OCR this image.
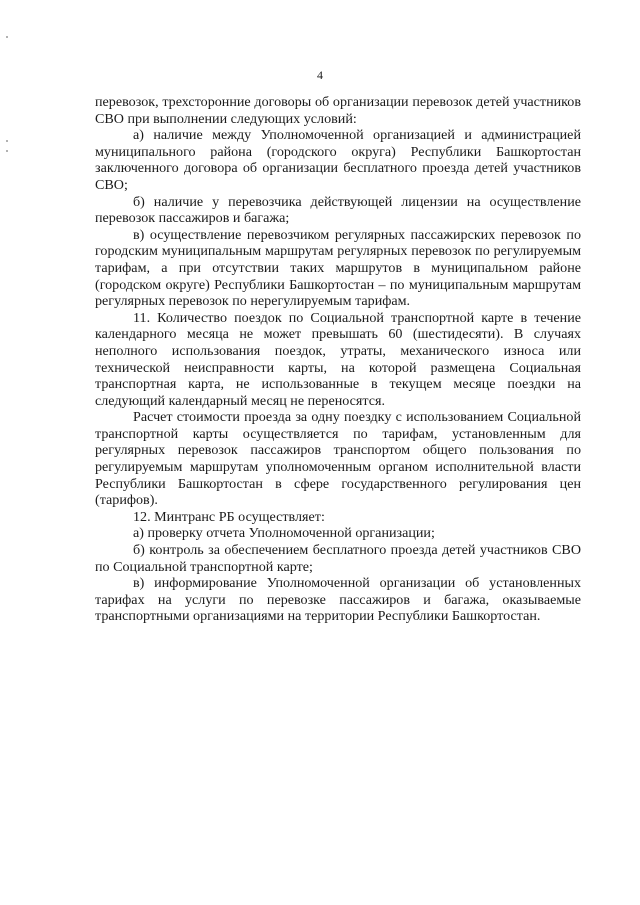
4

перевозок, трехсторонние договоры об организации перевозок детей участников СВО при выполнении следующих условий:

а) наличие между Уполномоченной организацией и администрацией муниципального района (городского округа) Республики Башкортостан заключенного договора об организации бесплатного проезда детей участников СВО;

б) наличие у перевозчика действующей лицензии на осуществление перевозок пассажиров и багажа;

в) осуществление перевозчиком регулярных пассажирских перевозок по городским муниципальным маршрутам регулярных перевозок по регулируемым тарифам, а при отсутствии таких маршрутов в муниципальном районе (городском округе) Республики Башкортостан – по муниципальным маршрутам регулярных перевозок по нерегулируемым тарифам.

11. Количество поездок по Социальной транспортной карте в течение календарного месяца не может превышать 60 (шестидесяти). В случаях неполного использования поездок, утраты, механического износа или технической неисправности карты, на которой размещена Социальная транспортная карта, не использованные в текущем месяце поездки на следующий календарный месяц не переносятся.

Расчет стоимости проезда за одну поездку с использованием Социальной транспортной карты осуществляется по тарифам, установленным для регулярных перевозок пассажиров транспортом общего пользования по регулируемым маршрутам уполномоченным органом исполнительной власти Республики Башкортостан в сфере государственного регулирования цен (тарифов).

12. Минтранс РБ осуществляет:

а) проверку отчета Уполномоченной организации;

б) контроль за обеспечением бесплатного проезда детей участников СВО по Социальной транспортной карте;

в) информирование Уполномоченной организации об установленных тарифах на услуги по перевозке пассажиров и багажа, оказываемые транспортными организациями на территории Республики Башкортостан.
